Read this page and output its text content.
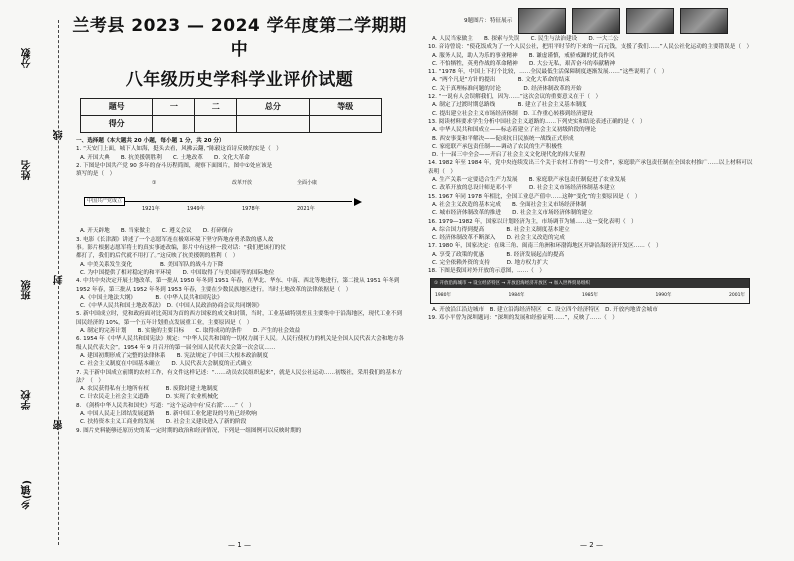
分数
姓名
班级
学校
乡(镇)
线
封
密
兰考县 2023 — 2024 学年度第二学期期中
八年级历史学科学业评价试题
题号	一	二	总分	等级
得分				

一、选择题（本大题共 20 小题，每小题 1 分，共 20 分）

1. “天安门上面，城下人如海，挺头去看，风拂云翻，”陈毅这首诗反映的实是（　）

A. 开国大典　　B. 抗美援朝胜利　　C. 土地改革　　D. 文化大革命

2. 下图是中国共产党 90 多年的奋斗历程简图，观察下面图片，图中①处应该是

填写的是（　）

中国共产党成立
①	改革开放	全面小康
1921年	1949年	1978年	2021年

A. 开天辟地　　B. 当家做主　　C. 遵义会议　　D. 打碎倒台

3. 电影《长津湖》讲述了一个志愿军连在极寒环境下坚守阵地奋勇杀敌的感人故

事。影片根据志愿军将士的真实事迹改编，影片中有这样一段对话：“我们把该打的仗

都打了，我们的后代就不用打了。”这反映了抗美援朝的胜利（　）

A. 中美关系发生变化　　　　　B. 美国军队的战斗力下降

C. 为中国提供了相对稳定的和平环境　　D. 中国取得了与美国同等的国际地位

4. 中共中央决定开展土地改革，第一批从 1950 年冬到 1951 年春，在华北、华东、中南、西北等地进行，第二批从 1951 年冬到 1952 年春，第三批从 1952 年冬到 1953 年春，主要在少数民族地区进行。当时土地改革的法律依据是（　）

A.《中国土地法大纲》　　　　B.《中华人民共和国宪法》

C.《中华人民共和国土地改革法》　D.《中国人民政治协商会议共同纲领》

5. 新中国成立时，党和政府面对比英国为首的西方国家的成文和封锁，当时，工业基础特别差且主要集中于沿海地区，现代工业不到国民经济的 10%，第一个五年计划重点发展重工业，主要原因是（　）

A. 制定的完善计划　　B. 实施的主要目标　　C. 取得成功的条件　　D. 产生的社会效益

6. 1954 年《中华人民共和国宪法》规定：“中华人民共和国的一切权力属于人民。人民行使权力的机关是全国人民代表大会和地方各级人民代表大会”。1954 年 9 月召开的第一届全国人民代表大会第一次会议……

A. 建国初期形成了完整的法律体系　　B. 宪法规定了中国三大根本政治制度

C. 社会主义制度在中国基本确立　　D. 人民代表大会制度的正式确立

7. 关于新中国成立前期的农村工作，有文件这样记述：“……动员农民组织起来”，就是人民公社运动……初级社，采用我们的基本方法？（　）

A. 农民获得私有土地所有权　　　B. 废除封建土地制度

C. 计农民走上社会主义道路　　　D. 实现了农业机械化

8. 《剑桥中华人民共和国史》写道：“这个运动中有‘反右派’……”（　）

A. 中国人民走上团结发展道路　　B. 新中国工业化建设的号角已经吹响

C. 扶持资本主义工商业的发展　　D. 社会主义建设进入了新的阶段

9. 图片史料能够还原历史的某一定时期的政治和经济情况，下列是一组图例可以反映时期的

— 1 —
9题图片：特征展示

A. 人民当家做主　　B. 探索与失误　　C. 民生与法治建设　　D. 一大二公

10. 音诗曾说：“使花饭成为了一个人民公社，把用平时节约下来的一百元钱，支援了我们……”人民公社化运动的主要错误是（　）

A. 服务人民，助人为乐的事业精神　　B. 谦虚谨慎，戒骄戒躁的优良作风

C. 不怕牺牲，英勇作战的革命精神　　D. 大公无私，艰苦奋斗的奉献精神

11. “1978 年，中国上下打个比较，……全民最低生活保障制度逐渐发展……”这些说明了（　）

A. “两个凡是”方针的提出　　　　B. 文化大革命的结束

C. 关于真理标准问题的讨论　　　　D. 经济体制改革的开始

12. “一说有人会误解我们，因为……”这次会议的重要意义在于（　）

A. 制定了过渡时期总路线　　　　B. 建立了社会主义基本制度

C. 提出建立社会主义市场经济体制　D. 工作重心转移到经济建设

13. 阅读材料要求学生分析中国社会主义道路的……下列史实和结论表述正确的是（　）

A. 中华人民共和国成立——标志着建立了社会主义初级阶段的理论

B. 西安事变和平解决——促成抗日民族统一战线正式形成

C. 家庭联产承包责任制——调动了农民的生产积极性

D. 十一届三中全会——开启了社会主义文化现代化的伟大征程

14. 1982 年至 1984 年，党中央连续发出三个关于农村工作的“一号文件”，家庭联产承包责任制在全国农村推广……以上材料可以表明（　）

A. 生产关系一定要适合生产力发展　　B. 家庭联产承包责任制促进了农业发展

C. 改革开放的总设计师是邓小平　　　D. 社会主义市场经济体制基本建立

15. 1967 年同 1978 年相比，全国工业总产值中……这种“变化”的主要原因是（　）

A. 社会主义改造的基本完成　　B. 全面社会主义市场经济体制

C. 城市经济体制改革的推进　　D. 社会主义市场经济体制的建立

16. 1979—1982 年，国家以计划经济为主，市场调节为辅……这一变化表明（　）

A. 综合国力得到提高　　　　B. 社会主义制度基本建立

C. 经济体制改革不断深入　　D. 社会主义改造的完成

17. 1980 年，国家决定：在珠三角、闽南三角洲和环渤海地区开辟沿海经济开发区……（　）

A. 享受了政策的优惠　　　　B. 经济发展起点的提高

C. 完全依赖外资的支持　　　D. 地方权力扩大

18. 下图是我国对外开放的示意图，……（　）

① 开放沿海城市 → 设立经济特区 → 开放沿海经济开放区 → 加入世界贸易组织
1980年	1984年	1985年	1990年	2001年

A. 开放沿江沿边城市　B. 建立沿海经济特区　C. 设立四个经济特区　D. 开放内地省会城市

19. 邓小平曾为深圳题词：“深圳的发展和经验证明……”，反映了……（　）

— 2 —
